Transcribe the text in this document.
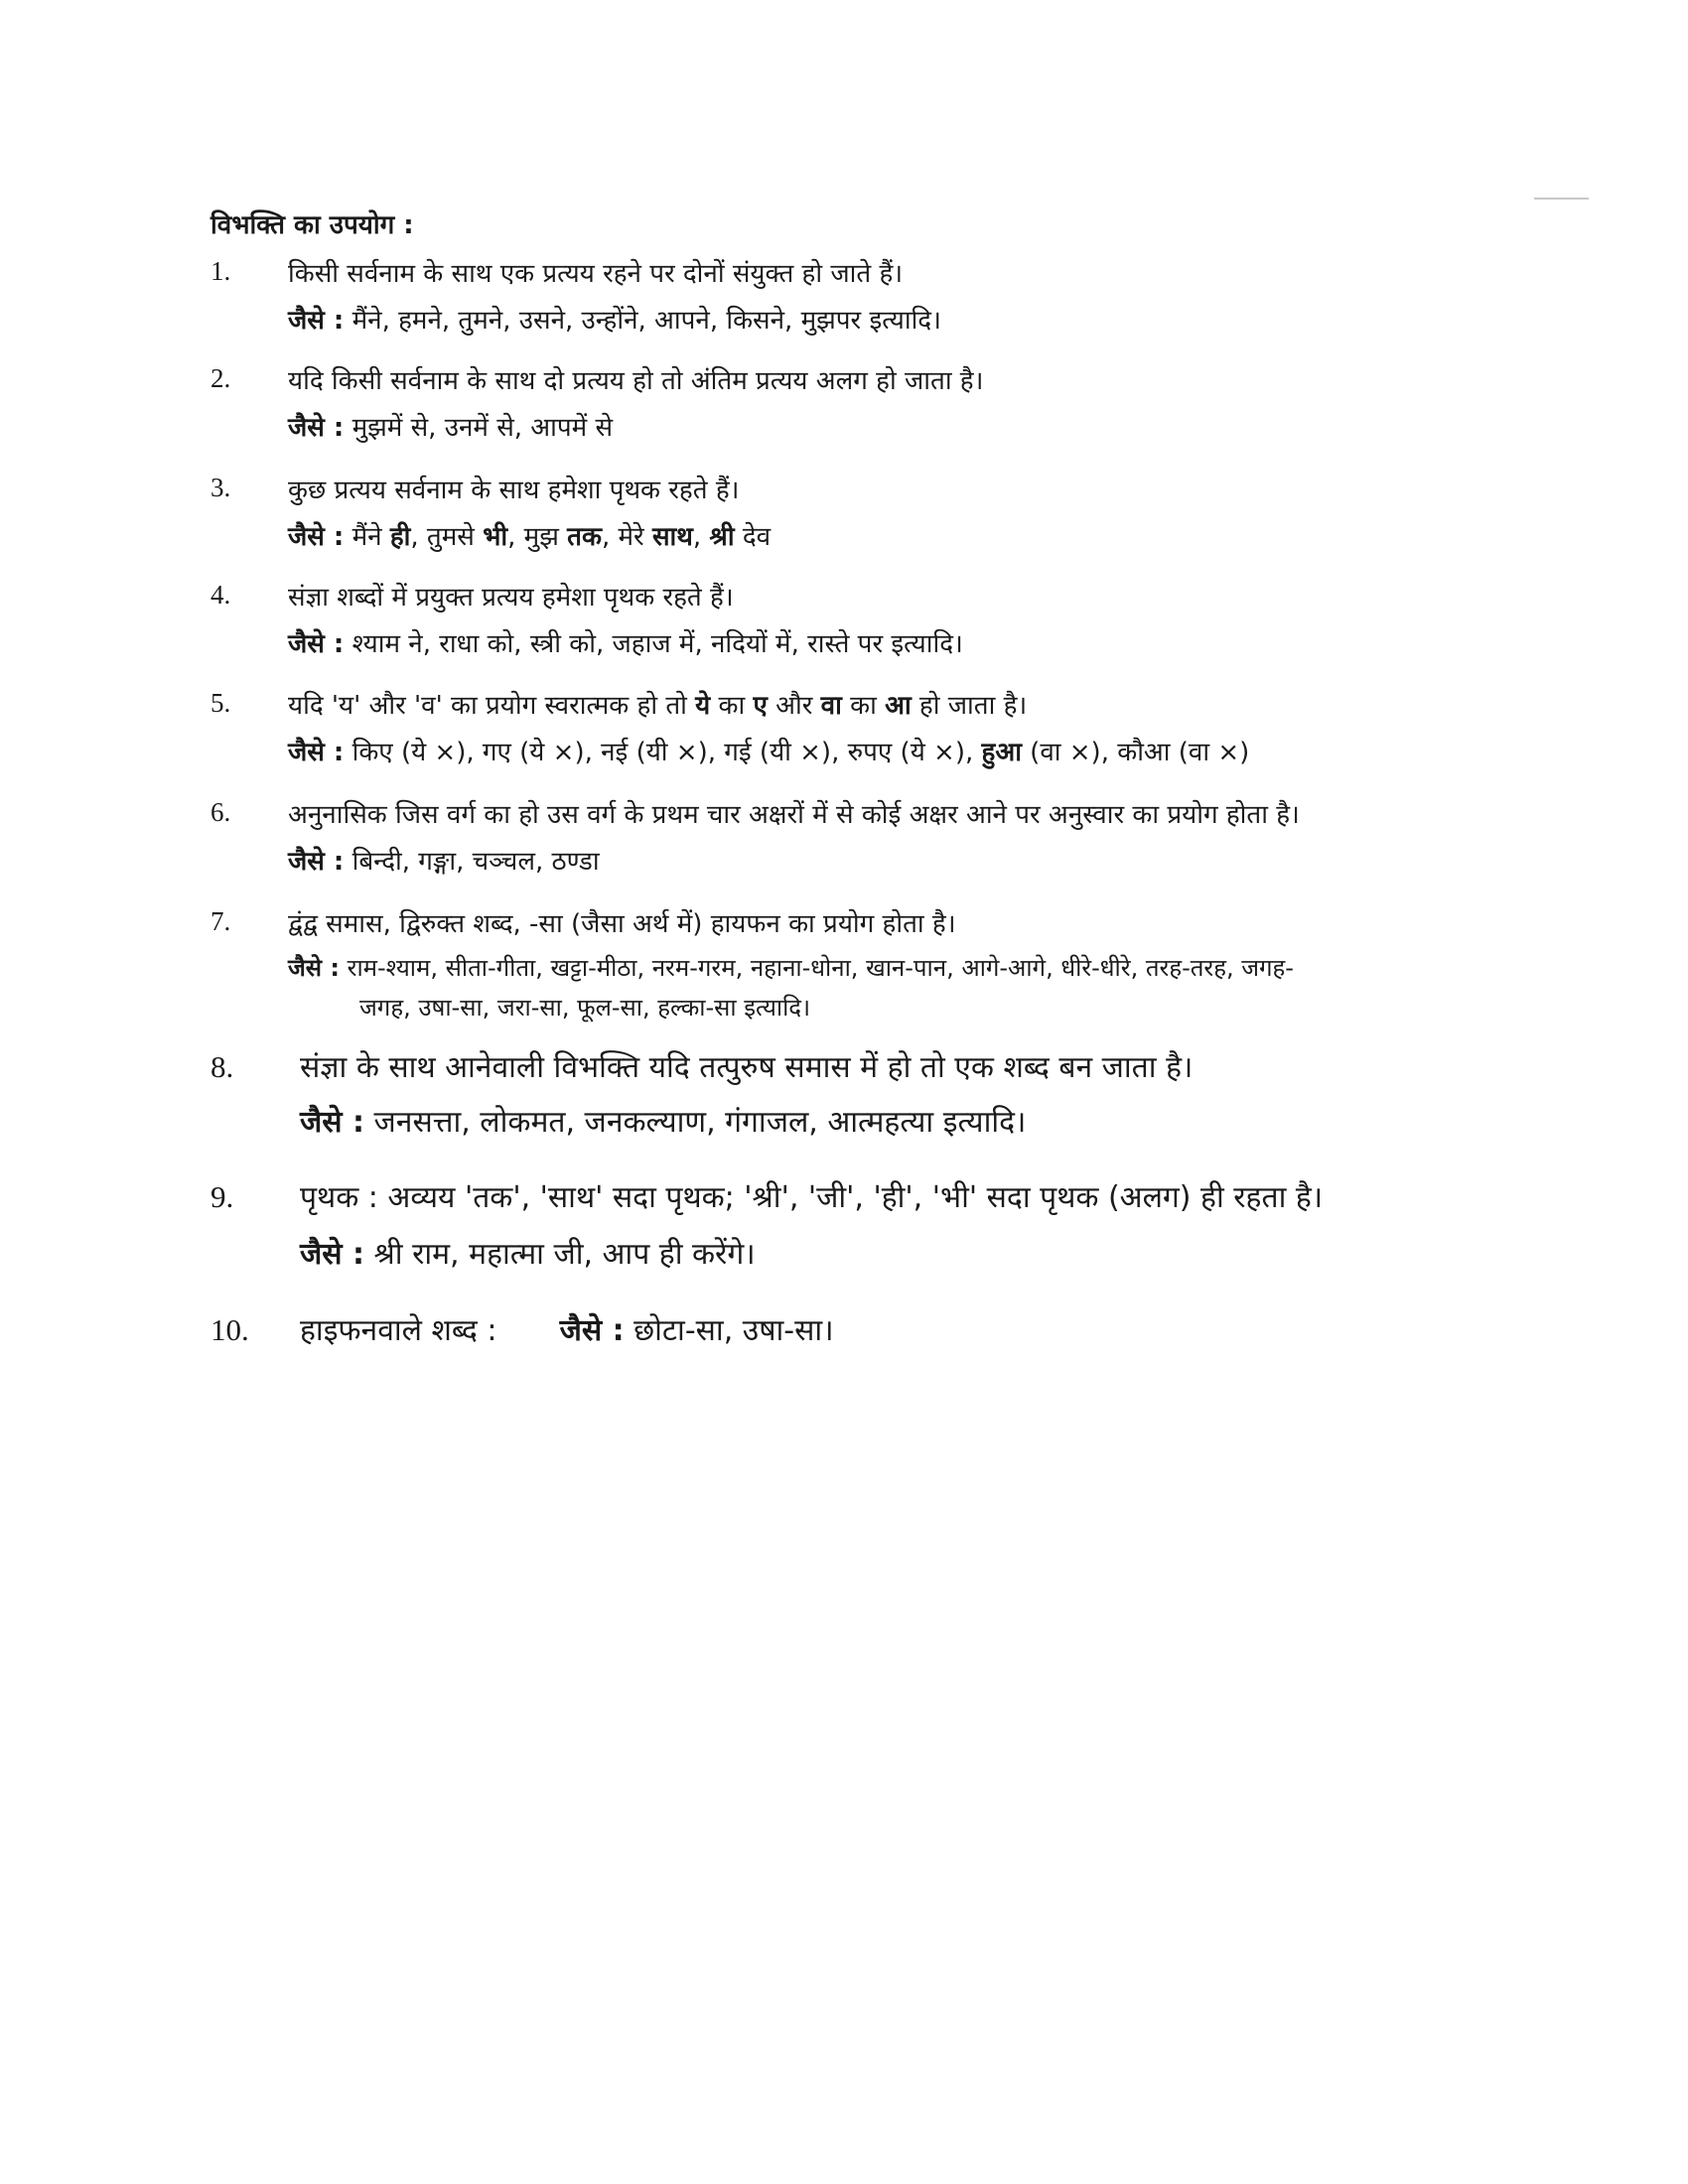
विभक्ति का उपयोग :
1. किसी सर्वनाम के साथ एक प्रत्यय रहने पर दोनों संयुक्त हो जाते हैं।
जैसे : मैंने, हमने, तुमने, उसने, उन्होंने, आपने, किसने, मुझपर इत्यादि।
2. यदि किसी सर्वनाम के साथ दो प्रत्यय हो तो अंतिम प्रत्यय अलग हो जाता है।
जैसे : मुझमें से, उनमें से, आपमें से
3. कुछ प्रत्यय सर्वनाम के साथ हमेशा पृथक रहते हैं।
जैसे : मैंने ही, तुमसे भी, मुझ तक, मेरे साथ, श्री देव
4. संज्ञा शब्दों में प्रयुक्त प्रत्यय हमेशा पृथक रहते हैं।
जैसे : श्याम ने, राधा को, स्त्री को, जहाज में, नदियों में, रास्ते पर इत्यादि।
5. यदि 'य' और 'व' का प्रयोग स्वरात्मक हो तो ये का ए और वा का आ हो जाता है।
जैसे : किए (ये ×), गए (ये ×), नई (यी ×), गई (यी ×), रुपए (ये ×), हुआ (वा ×), कौआ (वा ×)
6. अनुनासिक जिस वर्ग का हो उस वर्ग के प्रथम चार अक्षरों में से कोई अक्षर आने पर अनुस्वार का प्रयोग होता है।
जैसे : बिन्दी, गङ्गा, चञ्चल, ठण्डा
7. द्वंद्व समास, द्विरुक्त शब्द, -सा (जैसा अर्थ में) हायफन का प्रयोग होता है।
जैसे : राम-श्याम, सीता-गीता, खट्टा-मीठा, नरम-गरम, नहाना-धोना, खान-पान, आगे-आगे, धीरे-धीरे, तरह-तरह, जगह-
जगह, उषा-सा, जरा-सा, फूल-सा, हल्का-सा इत्यादि।
8. संज्ञा के साथ आनेवाली विभक्ति यदि तत्पुरुष समास में हो तो एक शब्द बन जाता है।
जैसे : जनसत्ता, लोकमत, जनकल्याण, गंगाजल, आत्महत्या इत्यादि।
9. पृथक : अव्यय 'तक', 'साथ' सदा पृथक; 'श्री', 'जी', 'ही', 'भी' सदा पृथक (अलग) ही रहता है।
जैसे : श्री राम, महात्मा जी, आप ही करेंगे।
10. हाइफनवाले शब्द : जैसे : छोटा-सा, उषा-सा।
